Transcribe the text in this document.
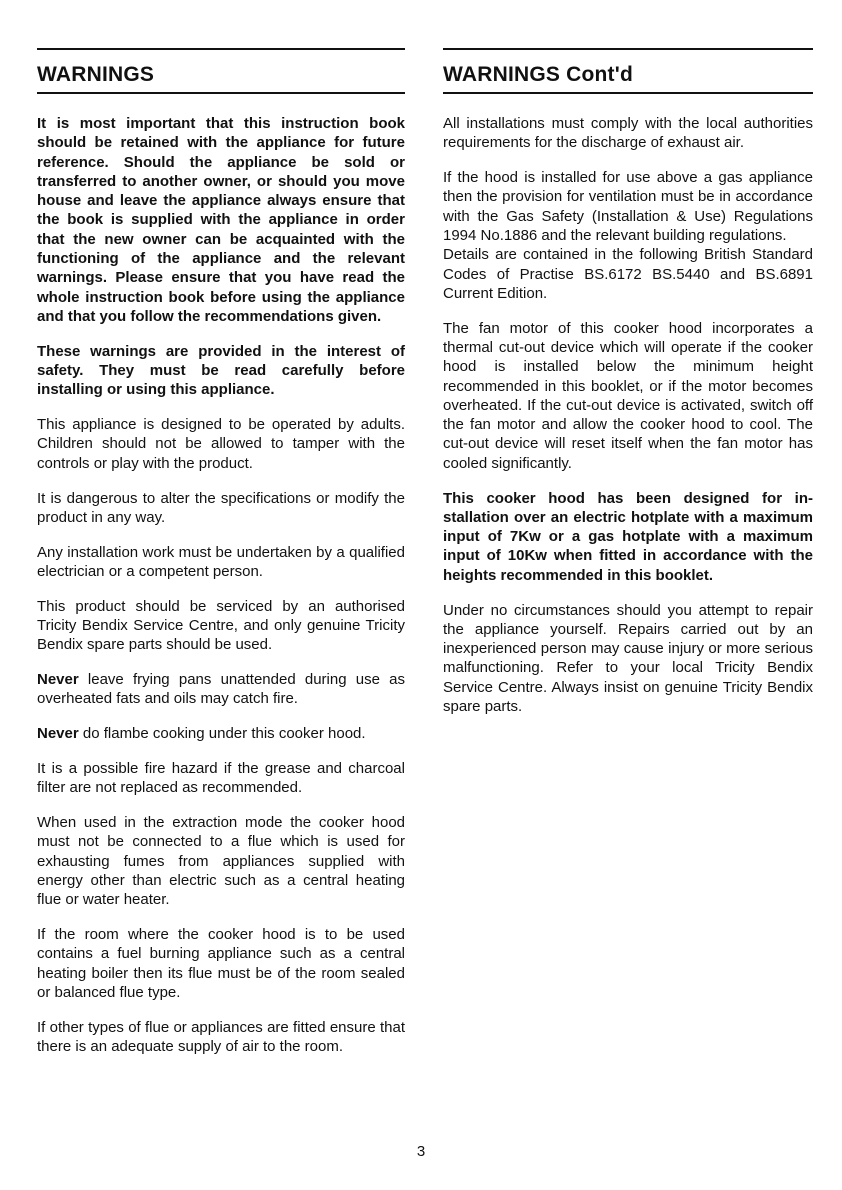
WARNINGS

It is most important that this instruction book should be retained with the appliance for future reference. Should the appliance be sold or transferred to another owner, or should you move house and leave the appliance always ensure that the book is supplied with the appliance in order that the new owner can be acquainted with the functioning of the appliance and the relevant warnings. Please ensure that you have read the whole instruction book before using the appliance and that you follow the recommendations given.

These warnings are provided in the interest of safety. They must be read carefully before installing or using this appliance.

This appliance is designed to be operated by adults. Children should not be allowed to tamper with the controls or play with the product.

It is dangerous to alter the specifications or modify the product in any way.

Any installation work must be undertaken by a qualified electrician or a competent person.

This product should be serviced by an authorised Tricity Bendix Service Centre, and only genuine Tricity Bendix spare parts should be used.

Never leave frying pans unattended during use as overheated fats and oils may catch fire.

Never do flambe cooking under this cooker hood.

It is a possible fire hazard if the grease and charcoal filter are not replaced as recommended.

When used in the extraction mode the cooker hood must not be connected to a flue which is used for exhausting fumes from appliances supplied with energy other than electric such as a central heating flue or water heater.

If the room where the cooker hood is to be used contains a fuel burning appliance such as a central heating boiler then its flue must be of the room sealed or balanced flue type.

If other types of flue or appliances are fitted ensure that there is an adequate supply of air to the room.

WARNINGS Cont'd

All installations must comply with the local authorities requirements for the discharge of exhaust air.

If the hood is installed for use above a gas appliance then the provision for ventilation must be in accordance with the Gas Safety (Installation & Use) Regulations 1994 No.1886 and the relevant building regulations.
Details are contained in the following British Standard Codes of Practise BS.6172 BS.5440 and BS.6891 Current Edition.

The fan motor of this cooker hood incorporates a thermal cut-out device which will operate if the cooker hood is installed below the minimum height recommended in this booklet, or if the motor becomes overheated. If the cut-out device is activated, switch off the fan motor and allow the cooker hood to cool. The cut-out device will reset itself when the fan motor has cooled significantly.

This cooker hood has been designed for installation over an electric hotplate with a maximum input of 7Kw or a gas hotplate with a maximum input of 10Kw when fitted in accordance with the heights recommended in this booklet.

Under no circumstances should you attempt to repair the appliance yourself. Repairs carried out by an inexperienced person may cause injury or more serious malfunctioning. Refer to your local Tricity Bendix Service Centre. Always insist on genuine Tricity Bendix spare parts.

3
